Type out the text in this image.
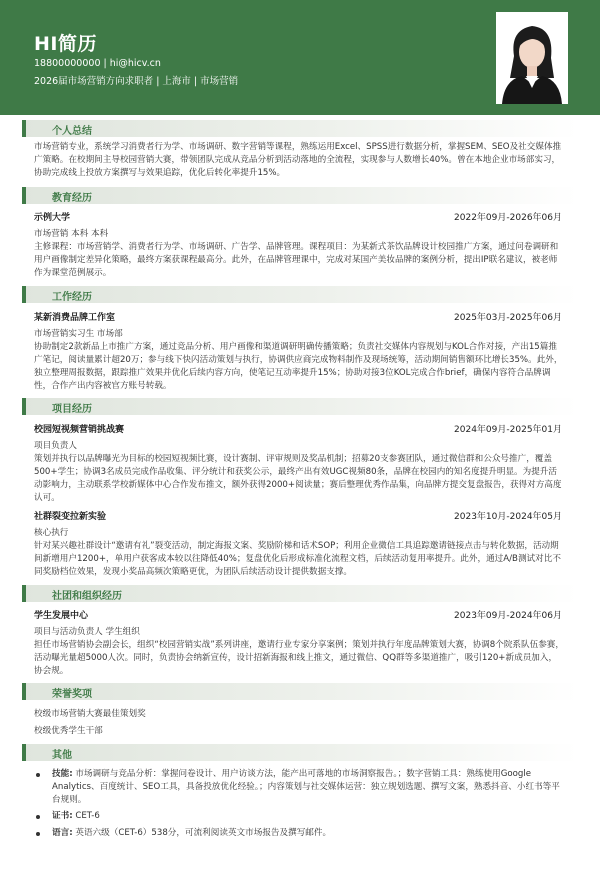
HI简历
18800000000 | hi@hicv.cn
2026届市场营销方向求职者 | 上海市 | 市场营销
个人总结
市场营销专业，系统学习消费者行为学、市场调研、数字营销等课程，熟练运用Excel、SPSS进行数据分析，掌握SEM、SEO及社交媒体推广策略。在校期间主导校园营销大赛，带领团队完成从竞品分析到活动落地的全流程，实现参与人数增长40%。曾在本地企业市场部实习，协助完成线上投放方案撰写与效果追踪，优化后转化率提升15%。
教育经历
示例大学	2022年09月-2026年06月
市场营销 本科 本科
主修课程：市场营销学、消费者行为学、市场调研、广告学、品牌管理。课程项目：为某新式茶饮品牌设计校园推广方案，通过问卷调研和用户画像制定差异化策略，最终方案获课程最高分。此外，在品牌管理课中，完成对某国产美妆品牌的案例分析，提出IP联名建议，被老师作为课堂范例展示。
工作经历
某新消费品牌工作室	2025年03月-2025年06月
市场营销实习生 市场部
协助制定2款新品上市推广方案，通过竞品分析、用户画像和渠道调研明确传播策略；负责社交媒体内容规划与KOL合作对接，产出15篇推广笔记，阅读量累计超20万；参与线下快闪活动策划与执行，协调供应商完成物料制作及现场统筹，活动期间销售额环比增长35%。此外，独立整理周报数据，跟踪推广效果并优化后续内容方向，使笔记互动率提升15%；协助对接3位KOL完成合作brief，确保内容符合品牌调性，合作产出内容被官方账号转载。
项目经历
校园短视频营销挑战赛	2024年09月-2025年01月
项目负责人
策划并执行以品牌曝光为目标的校园短视频比赛，设计赛制、评审规则及奖品机制；招募20支参赛团队，通过微信群和公众号推广，覆盖500+学生；协调3名成员完成作品收集、评分统计和获奖公示，最终产出有效UGC视频80条，品牌在校园内的知名度提升明显。为提升活动影响力，主动联系学校新媒体中心合作发布推文，额外获得2000+阅读量；赛后整理优秀作品集，向品牌方提交复盘报告，获得对方高度认可。
社群裂变拉新实验	2023年10月-2024年05月
核心执行
针对某兴趣社群设计“邀请有礼”裂变活动，制定海报文案、奖励阶梯和话术SOP；利用企业微信工具追踪邀请链接点击与转化数据，活动期间新增用户1200+，单用户获客成本较以往降低40%；复盘优化后形成标准化流程文档，后续活动复用率提升。此外，通过A/B测试对比不同奖励档位效果，发现小奖品高频次策略更优，为团队后续活动设计提供数据支撑。
社团和组织经历
学生发展中心	2023年09月-2024年06月
项目与活动负责人 学生组织
担任市场营销协会副会长，组织“校园营销实战”系列讲座，邀请行业专家分享案例；策划并执行年度品牌策划大赛，协调8个院系队伍参赛，活动曝光量超5000人次。同时，负责协会纳新宣传，设计招新海报和线上推文，通过微信、QQ群等多渠道推广，吸引120+新成员加入，协会规。
荣誉奖项
校级市场营销大赛最佳策划奖
校级优秀学生干部
其他
技能: 市场调研与竞品分析：掌握问卷设计、用户访谈方法，能产出可落地的市场洞察报告。；数字营销工具：熟练使用Google Analytics、百度统计、SEO工具，具备投放优化经验。；内容策划与社交媒体运营：独立规划选题、撰写文案，熟悉抖音、小红书等平台规则。
证书: CET-6
语言: 英语六级（CET-6）538分，可流利阅读英文市场报告及撰写邮件。
